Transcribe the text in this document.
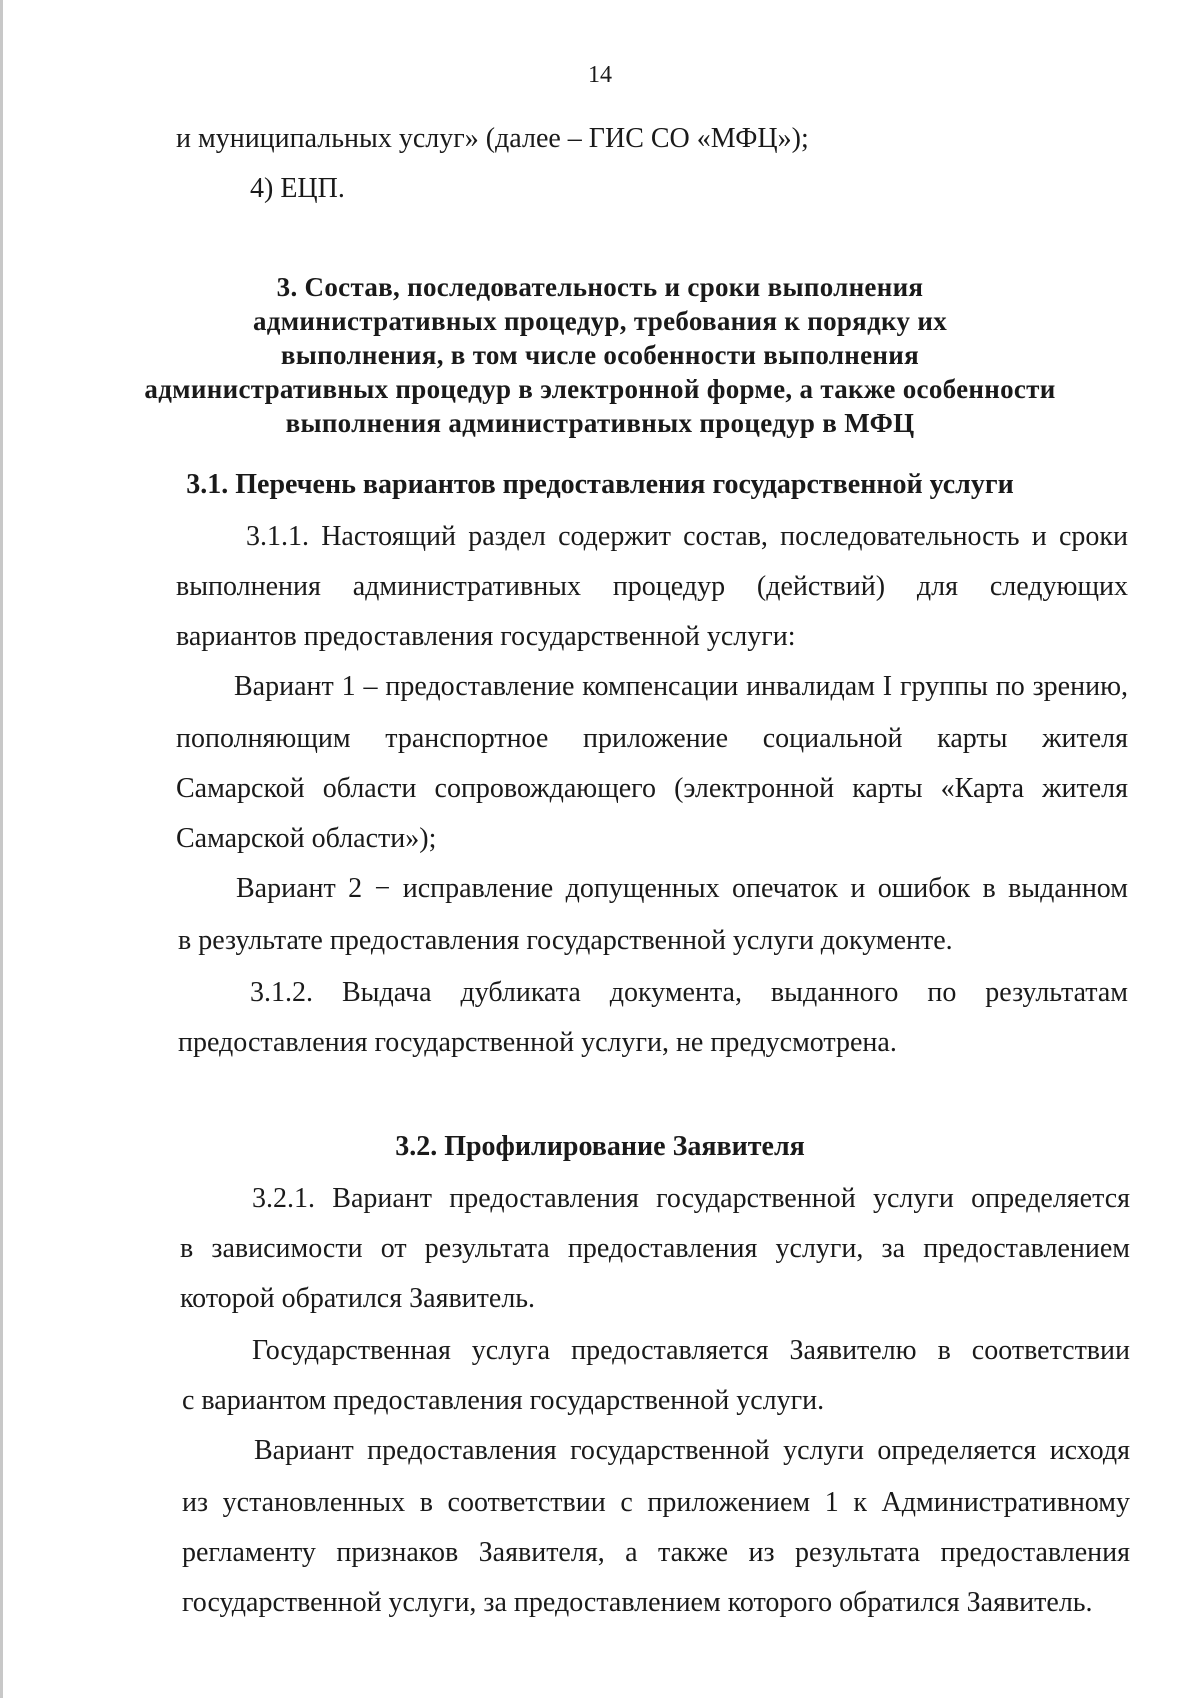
14
и муниципальных услуг» (далее – ГИС СО «МФЦ»);
4) ЕЦП.
3. Состав, последовательность и сроки выполнения
административных процедур, требования к порядку их
выполнения, в том числе особенности выполнения
административных процедур в электронной форме, а также особенности
выполнения административных процедур в МФЦ
3.1. Перечень вариантов предоставления государственной услуги
3.1.1. Настоящий раздел содержит состав, последовательность и сроки
выполнения административных процедур (действий) для следующих
вариантов предоставления государственной услуги:
Вариант 1 – предоставление компенсации инвалидам I группы по зрению,
пополняющим транспортное приложение социальной карты жителя
Самарской области сопровождающего (электронной карты «Карта жителя
Самарской области»);
Вариант 2 − исправление допущенных опечаток и ошибок в выданном
в результате предоставления государственной услуги документе.
3.1.2. Выдача дубликата документа, выданного по результатам
предоставления государственной услуги, не предусмотрена.
3.2. Профилирование Заявителя
3.2.1. Вариант предоставления государственной услуги определяется
в зависимости от результата предоставления услуги, за предоставлением
которой обратился Заявитель.
Государственная услуга предоставляется Заявителю в соответствии
с вариантом предоставления государственной услуги.
Вариант предоставления государственной услуги определяется исходя
из установленных в соответствии с приложением 1 к Административному
регламенту признаков Заявителя, а также из результата предоставления
государственной услуги, за предоставлением которого обратился Заявитель.
